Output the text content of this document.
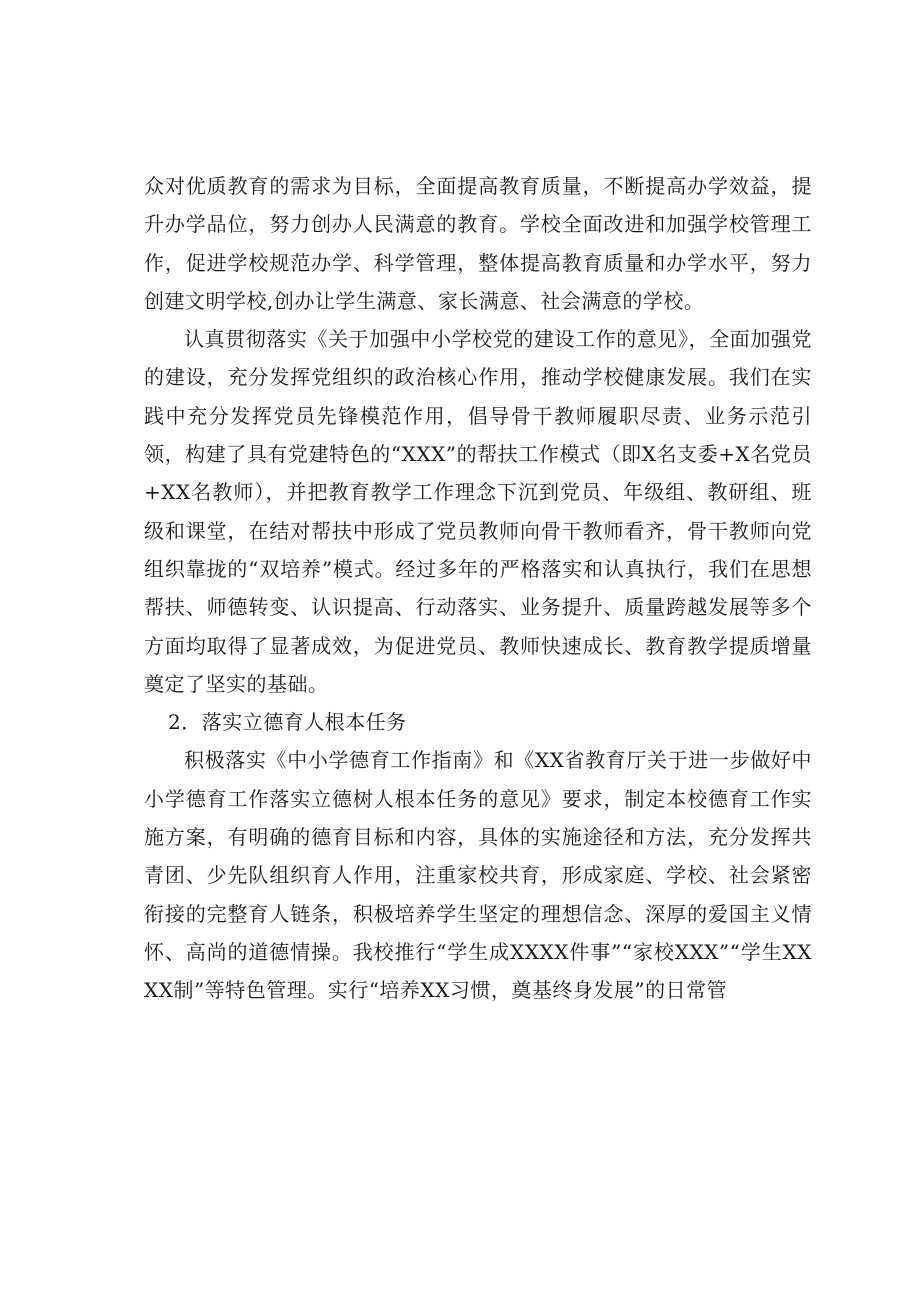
众对优质教育的需求为目标，全面提高教育质量，不断提高办学效益，提升办学品位，努力创办人民满意的教育。学校全面改进和加强学校管理工作，促进学校规范办学、科学管理，整体提高教育质量和办学水平，努力创建文明学校,创办让学生满意、家长满意、社会满意的学校。

认真贯彻落实《关于加强中小学校党的建设工作的意见》，全面加强党的建设，充分发挥党组织的政治核心作用，推动学校健康发展。我们在实践中充分发挥党员先锋模范作用，倡导骨干教师履职尽责、业务示范引领，构建了具有党建特色的“XXX”的帮扶工作模式（即X名支委+X名党员+XX名教师），并把教育教学工作理念下沉到党员、年级组、教研组、班级和课堂，在结对帮扶中形成了党员教师向骨干教师看齐，骨干教师向党组织靠拢的“双培养”模式。经过多年的严格落实和认真执行，我们在思想帮扶、师德转变、认识提高、行动落实、业务提升、质量跨越发展等多个方面均取得了显著成效，为促进党员、教师快速成长、教育教学提质增量奠定了坚实的基础。

2．落实立德育人根本任务

积极落实《中小学德育工作指南》和《XX省教育厅关于进一步做好中小学德育工作落实立德树人根本任务的意见》要求，制定本校德育工作实施方案，有明确的德育目标和内容，具体的实施途径和方法，充分发挥共青团、少先队组织育人作用，注重家校共育，形成家庭、学校、社会紧密衔接的完整育人链条，积极培养学生坚定的理想信念、深厚的爱国主义情怀、高尚的道德情操。我校推行“学生成XXXX件事”“家校XXX”“学生XXXX制”等特色管理。实行“培养XX习惯，奠基终身发展”的日常管
